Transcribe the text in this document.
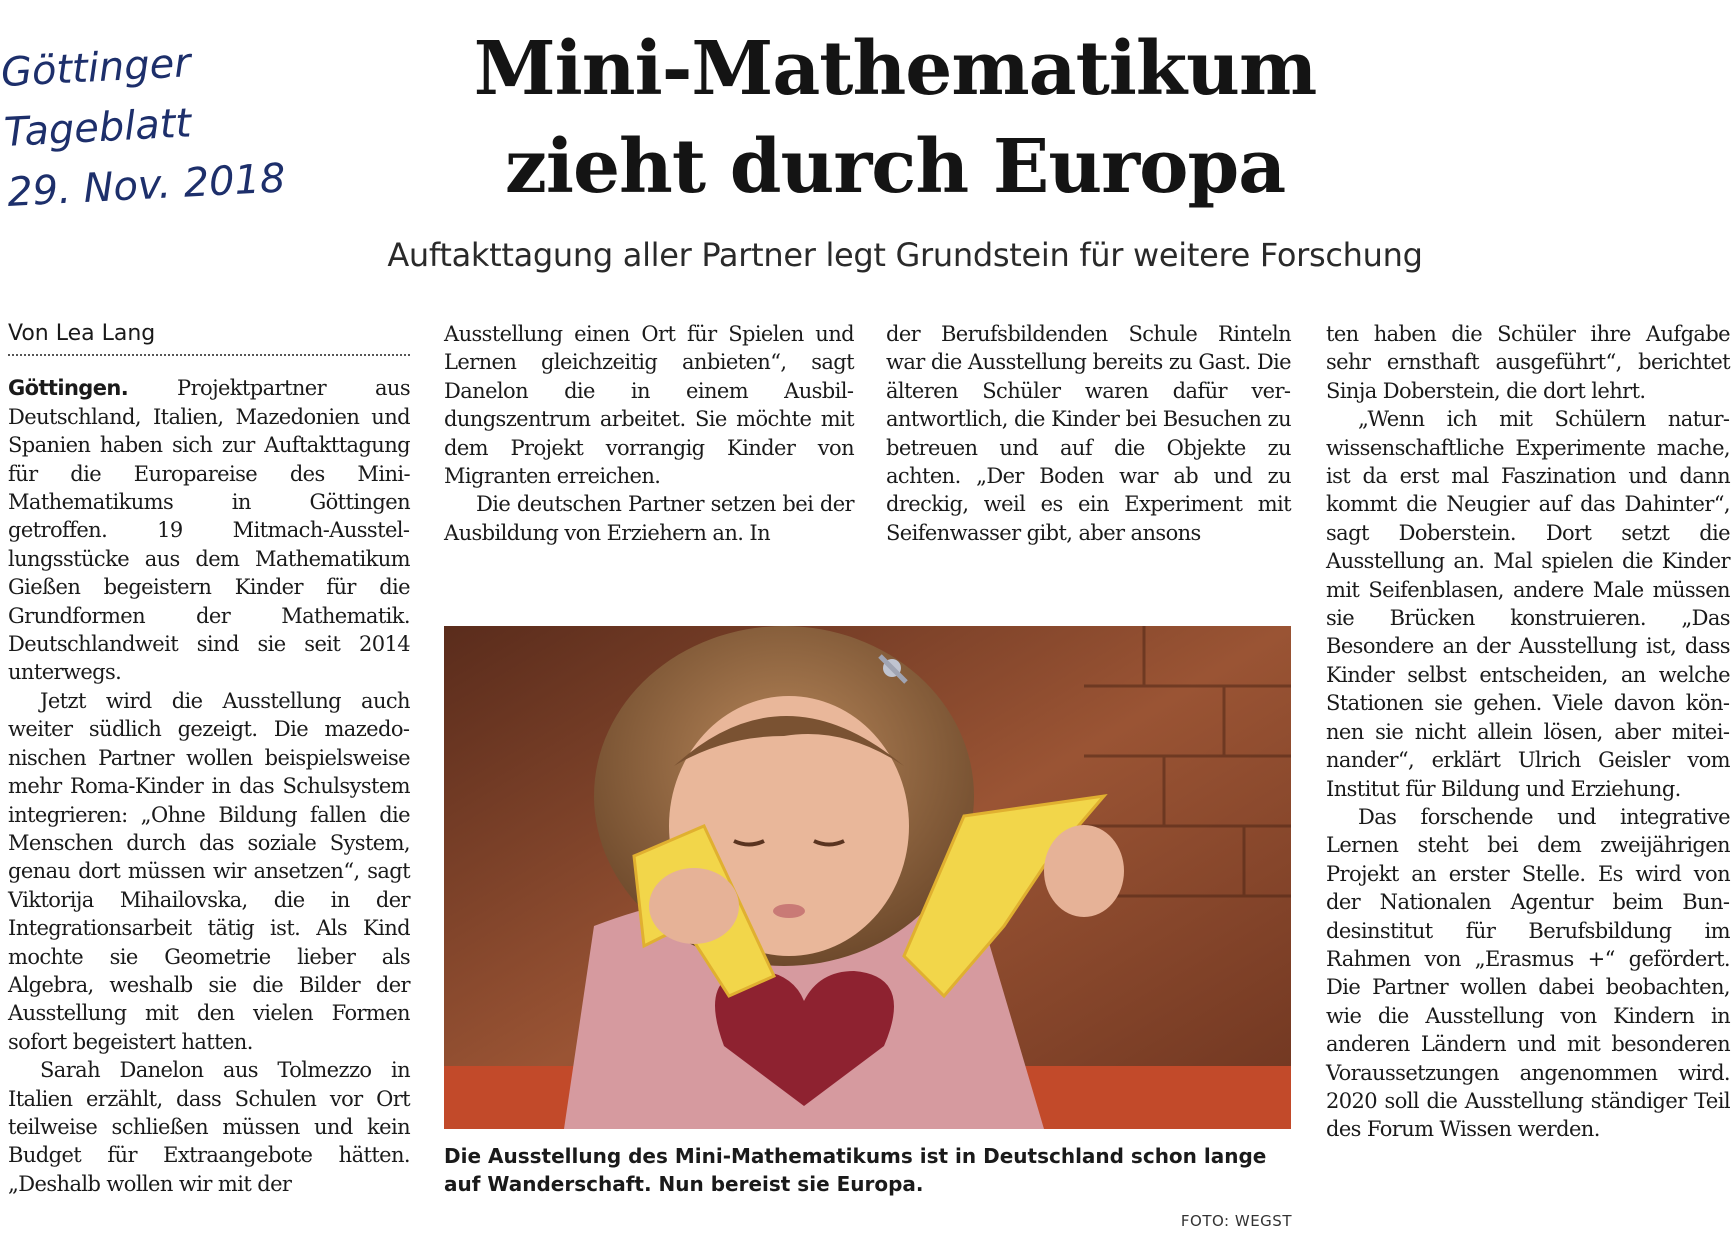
Göttinger
Tageblatt
29. Nov. 2018
Mini-Mathematikum
zieht durch Europa
Auftakttagung aller Partner legt Grundstein für weitere Forschung
Von Lea Lang

Göttingen. Projektpartner aus Deutschland, Italien, Mazedonien und Spanien haben sich zur Auftakttagung für die Europareise des Mini-Mathematikums in Göttingen getroffen. 19 Mitmach-Ausstellungsstücke aus dem Mathematikum Gießen begeistern Kinder für die Grundformen der Mathematik. Deutschlandweit sind sie seit 2014 unterwegs.

Jetzt wird die Ausstellung auch weiter südlich gezeigt. Die mazedonischen Partner wollen beispielsweise mehr Roma-Kinder in das Schulsystem integrieren: „Ohne Bildung fallen die Menschen durch das soziale System, genau dort müssen wir ansetzen“, sagt Viktorija Mihailovska, die in der Integrationsarbeit tätig ist. Als Kind mochte sie Geometrie lieber als Algebra, weshalb sie die Bilder der Ausstellung mit den vielen Formen sofort begeistert hatten.

Sarah Danelon aus Tolmezzo in Italien erzählt, dass Schulen vor Ort teilweise schließen müssen und kein Budget für Extraangebote hätten. „Deshalb wollen wir mit der

Ausstellung einen Ort für Spielen und Lernen gleichzeitig anbieten“, sagt Danelon die in einem Ausbildungszentrum arbeitet. Sie möchte mit dem Projekt vorrangig Kinder von Migranten erreichen.

Die deutschen Partner setzen bei der Ausbildung von Erziehern an. In

der Berufsbildenden Schule Rinteln war die Ausstellung bereits zu Gast. Die älteren Schüler waren dafür verantwortlich, die Kinder bei Besuchen zu betreuen und auf die Objekte zu achten. „Der Boden war ab und zu dreckig, weil es ein Experiment mit Seifenwasser gibt, aber ansons

ten haben die Schüler ihre Aufgabe sehr ernsthaft ausgeführt“, berichtet Sinja Doberstein, die dort lehrt.

„Wenn ich mit Schülern naturwissenschaftliche Experimente mache, ist da erst mal Faszination und dann kommt die Neugier auf das Dahinter“, sagt Doberstein. Dort setzt die Ausstellung an. Mal spielen die Kinder mit Seifenblasen, andere Male müssen sie Brücken konstruieren. „Das Besondere an der Ausstellung ist, dass Kinder selbst entscheiden, an welche Stationen sie gehen. Viele davon können sie nicht allein lösen, aber miteinander“, erklärt Ulrich Geisler vom Institut für Bildung und Erziehung.

Das forschende und integrative Lernen steht bei dem zweijährigen Projekt an erster Stelle. Es wird von der Nationalen Agentur beim Bundesinstitut für Berufsbildung im Rahmen von „Erasmus +“ gefördert. Die Partner wollen dabei beobachten, wie die Ausstellung von Kindern in anderen Ländern und mit besonderen Voraussetzungen angenommen wird. 2020 soll die Ausstellung ständiger Teil des Forum Wissen werden.

Die Ausstellung des Mini-Mathematikums ist in Deutschland schon lange auf Wanderschaft. Nun bereist sie Europa.
FOTO: WEGST
